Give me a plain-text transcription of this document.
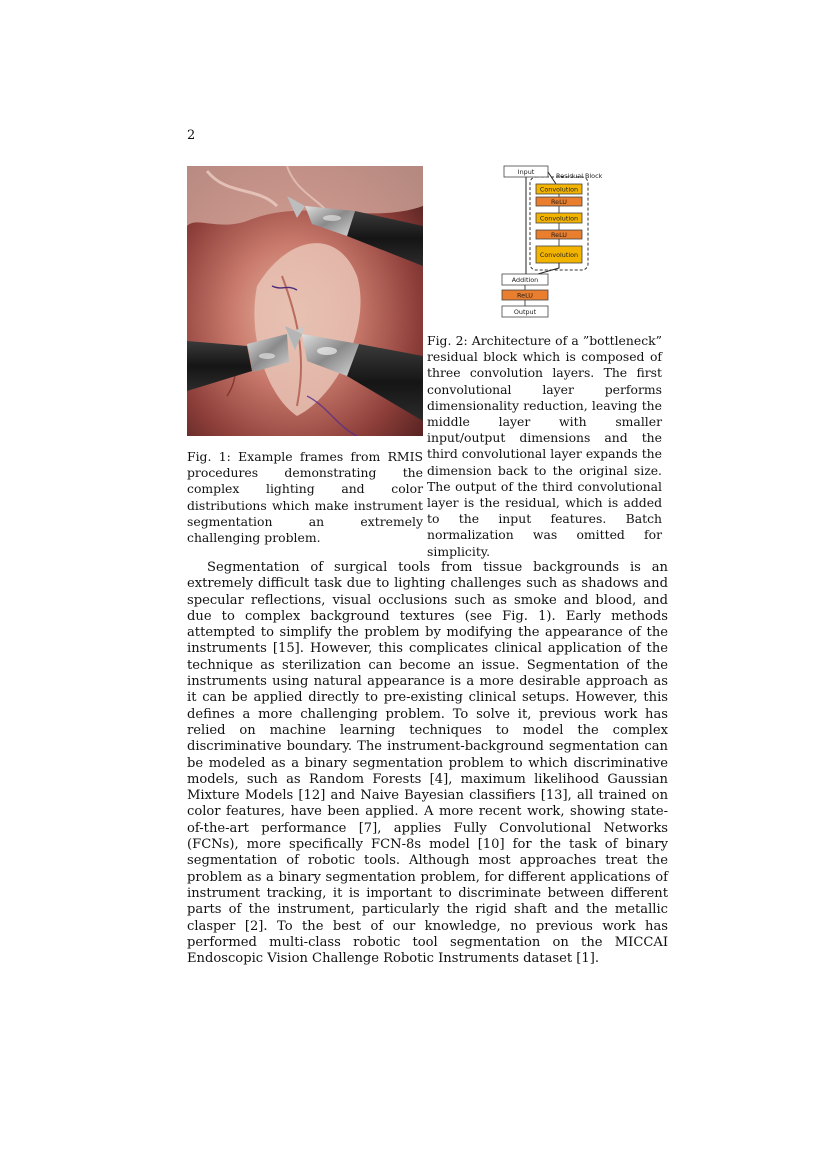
2
Fig. 1: Example frames from RMIS procedures demonstrating the complex lighting and color distributions which make instrument segmentation an extremely challenging problem.
Residual Block
Input
Convolution
ReLU
Convolution
ReLU
Convolution
Addition
ReLU
Output
Fig. 2: Architecture of a ”bottleneck” residual block which is composed of three convolution layers. The first convolutional layer performs dimensionality reduction, leaving the middle layer with smaller input/output dimensions and the third convolutional layer expands the dimension back to the original size. The output of the third convolutional layer is the residual, which is added to the input features. Batch normalization was omitted for simplicity.

Segmentation of surgical tools from tissue backgrounds is an extremely difficult task due to lighting challenges such as shadows and specular reflections, visual occlusions such as smoke and blood, and due to complex background textures (see Fig. 1). Early methods attempted to simplify the problem by modifying the appearance of the instruments [15]. However, this complicates clinical application of the technique as sterilization can become an issue. Segmentation of the instruments using natural appearance is a more desirable approach as it can be applied directly to pre-existing clinical setups. However, this defines a more challenging problem. To solve it, previous work has relied on machine learning techniques to model the complex discriminative boundary. The instrument-background segmentation can be modeled as a binary segmentation problem to which discriminative models, such as Random Forests [4], maximum likelihood Gaussian Mixture Models [12] and Naive Bayesian classifiers [13], all trained on color features, have been applied. A more recent work, showing state-of-the-art performance [7], applies Fully Convolutional Networks (FCNs), more specifically FCN-8s model [10] for the task of binary segmentation of robotic tools. Although most approaches treat the problem as a binary segmentation problem, for different applications of instrument tracking, it is important to discriminate between different parts of the instrument, particularly the rigid shaft and the metallic clasper [2]. To the best of our knowledge, no previous work has performed multi-class robotic tool segmentation on the MICCAI Endoscopic Vision Challenge Robotic Instruments dataset [1].
